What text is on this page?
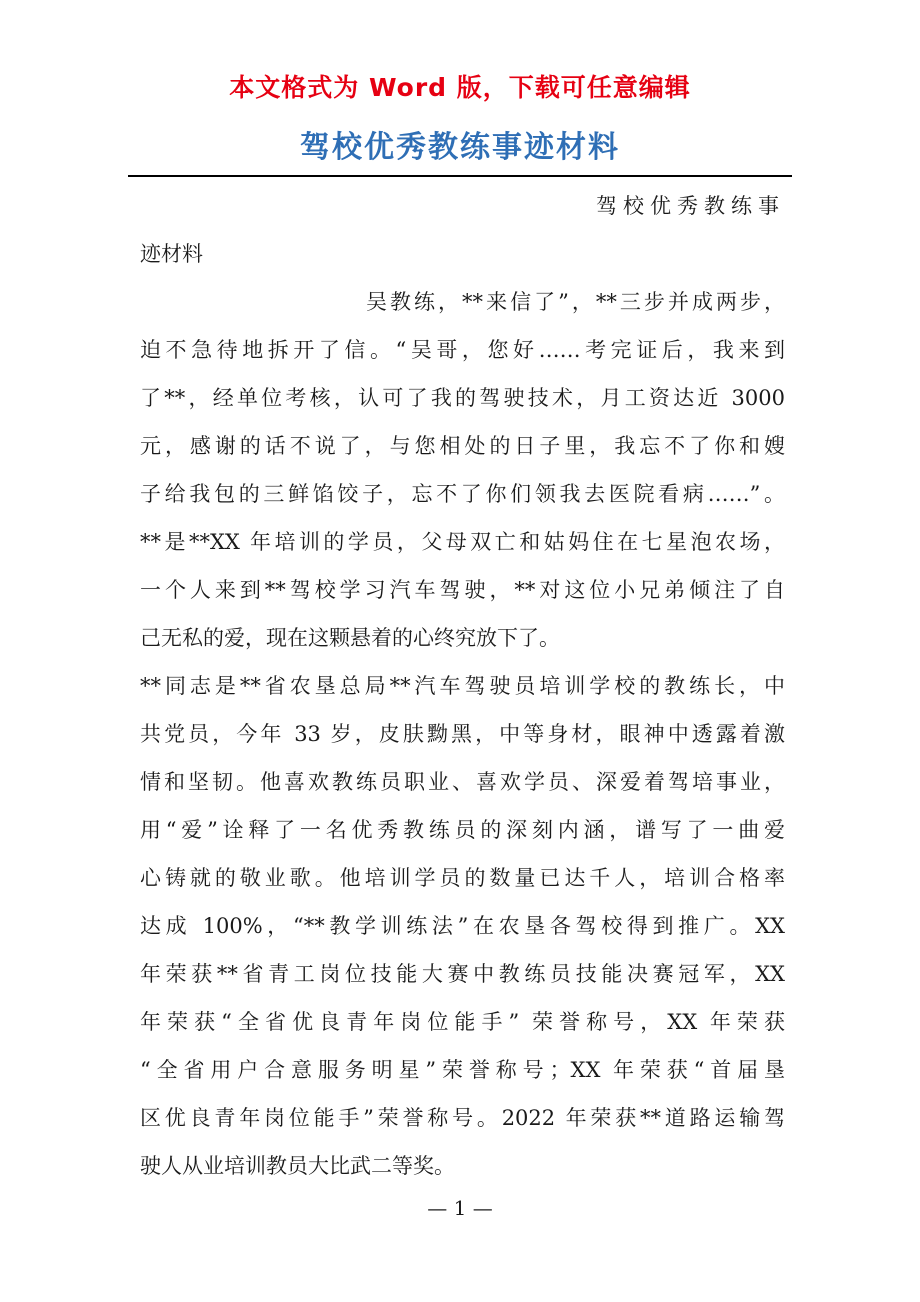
本文格式为 Word 版，下载可任意编辑
驾校优秀教练事迹材料
驾校优秀教练事
迹材料
吴教练，**来信了”，**三步并成两步，
迫不急待地拆开了信。“吴哥，您好……考完证后，我来到
了**，经单位考核，认可了我的驾驶技术，月工资达近 3000
元，感谢的话不说了，与您相处的日子里，我忘不了你和嫂
子给我包的三鲜馅饺子，忘不了你们领我去医院看病……”。
**是**XX 年培训的学员，父母双亡和姑妈住在七星泡农场，
一个人来到**驾校学习汽车驾驶，**对这位小兄弟倾注了自
己无私的爱，现在这颗悬着的心终究放下了。
**同志是**省农垦总局**汽车驾驶员培训学校的教练长，中
共党员，今年 33 岁，皮肤黝黑，中等身材，眼神中透露着激
情和坚韧。他喜欢教练员职业、喜欢学员、深爱着驾培事业，
用“爱”诠释了一名优秀教练员的深刻内涵，谱写了一曲爱
心铸就的敬业歌。他培训学员的数量已达千人，培训合格率
达成 100%，“**教学训练法”在农垦各驾校得到推广。XX
年荣获**省青工岗位技能大赛中教练员技能决赛冠军，XX
年荣获“全省优良青年岗位能手” 荣誉称号，XX 年荣获
“全省用户合意服务明星”荣誉称号；XX 年荣获“首届垦
区优良青年岗位能手”荣誉称号。2022 年荣获**道路运输驾
驶人从业培训教员大比武二等奖。
— 1 —
